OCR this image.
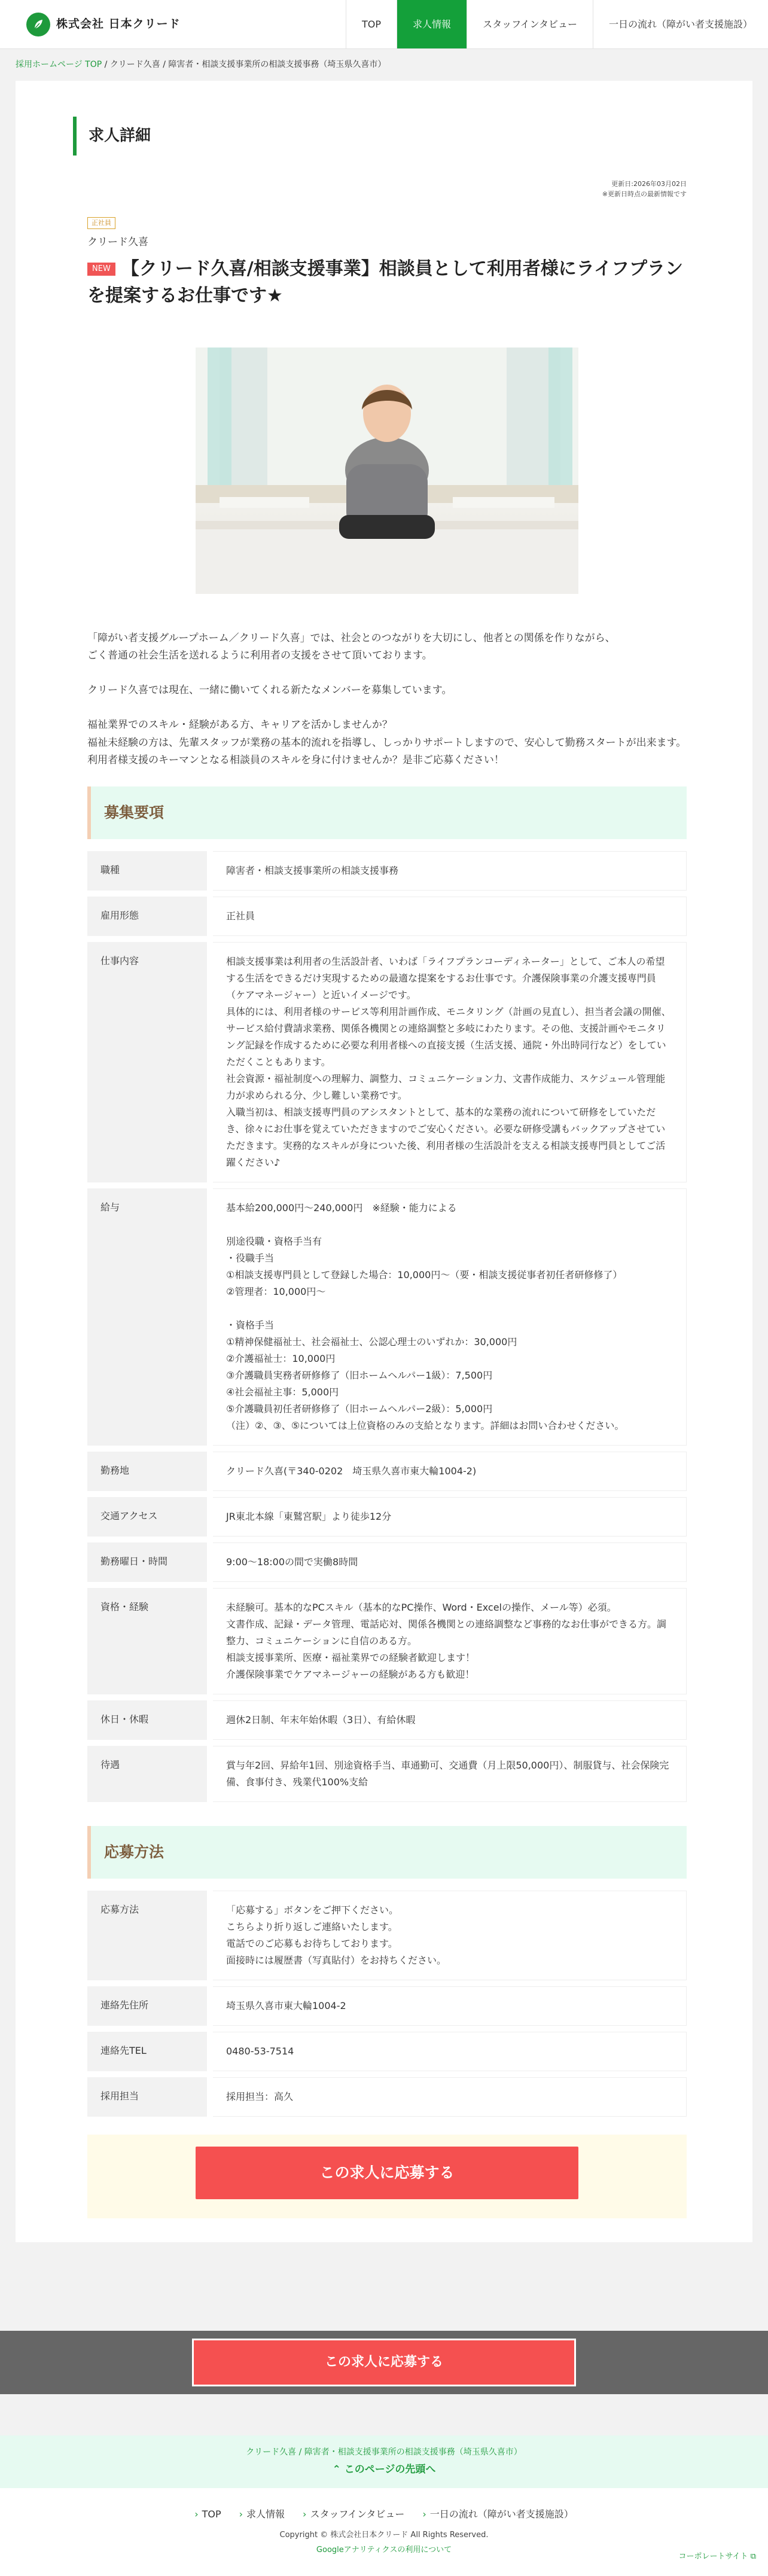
株式会社 日本クリード	TOP	求人情報	スタッフインタビュー	一日の流れ（障がい者支援施設）
採用ホームページ TOP / クリード久喜 / 障害者・相談支援事業所の相談支援事務（埼玉県久喜市）
求人詳細
更新日:2026年03月02日
※更新日時点の最新情報です
正社員
クリード久喜
NEW 【クリード久喜/相談支援事業】相談員として利用者様にライフプランを提案するお仕事です★

「障がい者支援グループホーム／クリード久喜」では、社会とのつながりを大切にし、他者との関係を作りながら、
ごく普通の社会生活を送れるように利用者の支援をさせて頂いております。

クリード久喜では現在、一緒に働いてくれる新たなメンバーを募集しています。

福祉業界でのスキル・経験がある方、キャリアを活かしませんか？
福祉未経験の方は、先輩スタッフが業務の基本的流れを指導し、しっかりサポートしますので、安心して勤務スタートが出来ます。
利用者様支援のキーマンとなる相談員のスキルを身に付けませんか？是非ご応募ください！

募集要項
職種	障害者・相談支援事業所の相談支援事務
雇用形態	正社員
仕事内容	相談支援事業は利用者の生活設計者、いわば「ライフプランコーディネーター」として、ご本人の希望する生活をできるだけ実現するための最適な提案をするお仕事です。介護保険事業の介護支援専門員（ケアマネージャー）と近いイメージです。
具体的には、利用者様のサービス等利用計画作成、モニタリング（計画の見直し）、担当者会議の開催、サービス給付費請求業務、関係各機関との連絡調整と多岐にわたります。その他、支援計画やモニタリング記録を作成するために必要な利用者様への直接支援（生活支援、通院・外出時同行など）をしていただくこともあります。
社会資源・福祉制度への理解力、調整力、コミュニケーション力、文書作成能力、スケジュール管理能力が求められる分、少し難しい業務です。
入職当初は、相談支援専門員のアシスタントとして、基本的な業務の流れについて研修をしていただき、徐々にお仕事を覚えていただきますのでご安心ください。必要な研修受講もバックアップさせていただきます。実務的なスキルが身についた後、利用者様の生活設計を支える相談支援専門員としてご活躍ください♪
給与	基本給200,000円〜240,000円　※経験・能力による

別途役職・資格手当有
・役職手当
①相談支援専門員として登録した場合：10,000円〜（要・相談支援従事者初任者研修修了）
②管理者：10,000円〜

・資格手当
①精神保健福祉士、社会福祉士、公認心理士のいずれか：30,000円
②介護福祉士：10,000円
③介護職員実務者研修修了（旧ホームヘルパー1級）：7,500円
④社会福祉主事：5,000円
⑤介護職員初任者研修修了（旧ホームヘルパー2級）：5,000円
（注）②、③、⑤については上位資格のみの支給となります。詳細はお問い合わせください。
勤務地	クリード久喜(〒340-0202　埼玉県久喜市東大輪1004-2)
交通アクセス	JR東北本線「東鷲宮駅」より徒歩12分
勤務曜日・時間	9:00〜18:00の間で実働8時間
資格・経験	未経験可。基本的なPCスキル（基本的なPC操作、Word・Excelの操作、メール等）必須。
文書作成、記録・データ管理、電話応対、関係各機関との連絡調整など事務的なお仕事ができる方。調整力、コミュニケーションに自信のある方。
相談支援事業所、医療・福祉業界での経験者歓迎します！
介護保険事業でケアマネージャーの経験がある方も歓迎！
休日・休暇	週休2日制、年末年始休暇（3日）、有給休暇
待遇	賞与年2回、昇給年1回、別途資格手当、車通勤可、交通費（月上限50,000円）、制服貸与、社会保険完備、食事付き、残業代100%支給
応募方法
応募方法	「応募する」ボタンをご押下ください。
こちらより折り返しご連絡いたします。
電話でのご応募もお待ちしております。
面接時には履歴書（写真貼付）をお持ちください。
連絡先住所	埼玉県久喜市東大輪1004-2
連絡先TEL	0480-53-7514
採用担当	採用担当：高久
この求人に応募する
この求人に応募する
クリード久喜 / 障害者・相談支援事業所の相談支援事務（埼玉県久喜市）
⌃ このページの先頭へ
› TOP › 求人情報 › スタッフインタビュー › 一日の流れ（障がい者支援施設）
Copyright © 株式会社日本クリード All Rights Reserved.
Googleアナリティクスの利用について
コーポレートサイト ⧉
